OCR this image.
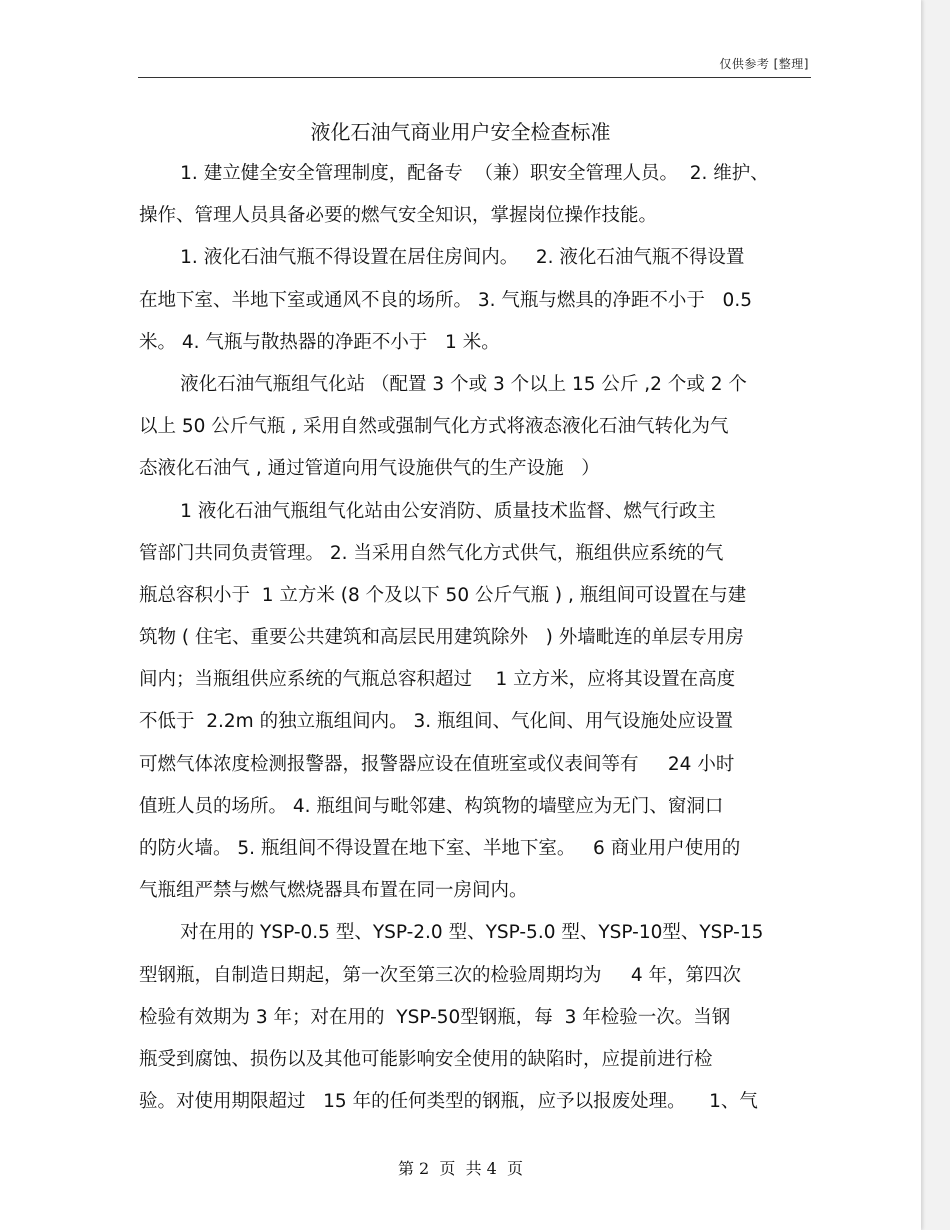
仅供参考 [整理]
液化石油气商业用户安全检查标准
1. 建立健全安全管理制度，配备专  （兼）职安全管理人员。  2. 维护、
操作、管理人员具备必要的燃气安全知识，掌握岗位操作技能。
1. 液化石油气瓶不得设置在居住房间内。   2. 液化石油气瓶不得设置
在地下室、半地下室或通风不良的场所。 3. 气瓶与燃具的净距不小于   0.5
米。 4. 气瓶与散热器的净距不小于   1 米。
液化石油气瓶组气化站 （配置 3 个或 3 个以上 15 公斤 ,2 个或 2 个
以上 50 公斤气瓶 , 采用自然或强制气化方式将液态液化石油气转化为气
态液化石油气 , 通过管道向用气设施供气的生产设施   ）
1 液化石油气瓶组气化站由公安消防、质量技术监督、燃气行政主
管部门共同负责管理。 2. 当采用自然气化方式供气，瓶组供应系统的气
瓶总容积小于  1 立方米 (8 个及以下 50 公斤气瓶 ) , 瓶组间可设置在与建
筑物 ( 住宅、重要公共建筑和高层民用建筑除外   ) 外墙毗连的单层专用房
间内；当瓶组供应系统的气瓶总容积超过    1 立方米，应将其设置在高度
不低于  2.2m 的独立瓶组间内。 3. 瓶组间、气化间、用气设施处应设置
可燃气体浓度检测报警器，报警器应设在值班室或仪表间等有     24 小时
值班人员的场所。 4. 瓶组间与毗邻建、构筑物的墙壁应为无门、窗洞口
的防火墙。 5. 瓶组间不得设置在地下室、半地下室。   6 商业用户使用的
气瓶组严禁与燃气燃烧器具布置在同一房间内。
对在用的 YSP-0.5 型、YSP-2.0 型、YSP-5.0 型、YSP-10型、YSP-15
型钢瓶，自制造日期起，第一次至第三次的检验周期均为     4 年，第四次
检验有效期为 3 年；对在用的  YSP-50型钢瓶，每  3 年检验一次。当钢
瓶受到腐蚀、损伤以及其他可能影响安全使用的缺陷时，应提前进行检
验。对使用期限超过   15 年的任何类型的钢瓶，应予以报废处理。    1、气
第 2  页  共 4  页
